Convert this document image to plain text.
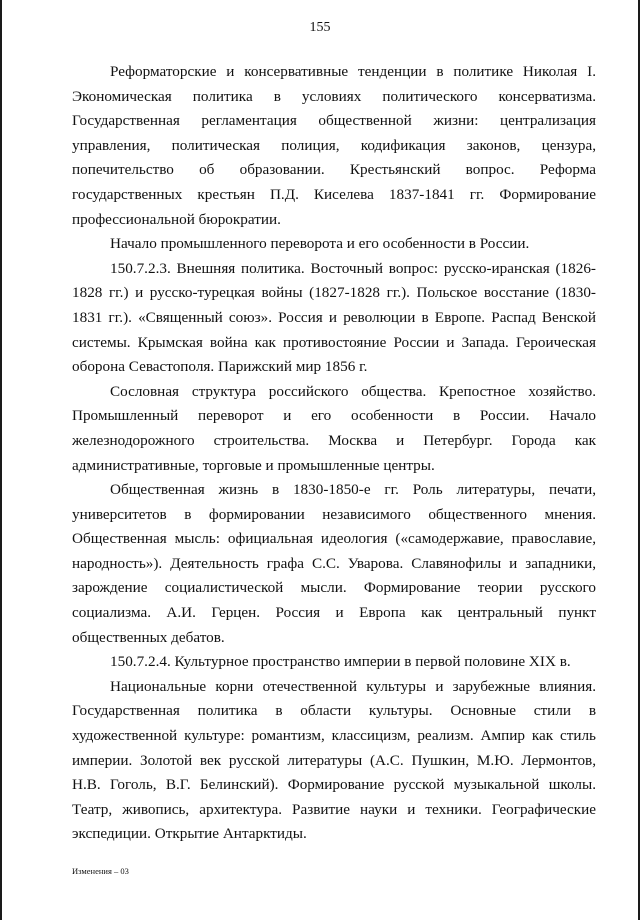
155

Реформаторские и консервативные тенденции в политике Николая I. Экономическая политика в условиях политического консерватизма. Государственная регламентация общественной жизни: централизация управления, политическая полиция, кодификация законов, цензура, попечительство об образовании. Крестьянский вопрос. Реформа государственных крестьян П.Д. Киселева 1837-1841 гг. Формирование профессиональной бюрократии.

Начало промышленного переворота и его особенности в России.

150.7.2.3. Внешняя политика. Восточный вопрос: русско-иранская (1826-1828 гг.) и русско-турецкая войны (1827-1828 гг.). Польское восстание (1830-1831 гг.). «Священный союз». Россия и революции в Европе. Распад Венской системы. Крымская война как противостояние России и Запада. Героическая оборона Севастополя. Парижский мир 1856 г.

Сословная структура российского общества. Крепостное хозяйство. Промышленный переворот и его особенности в России. Начало железнодорожного строительства. Москва и Петербург. Города как административные, торговые и промышленные центры.

Общественная жизнь в 1830-1850-е гг. Роль литературы, печати, университетов в формировании независимого общественного мнения. Общественная мысль: официальная идеология («самодержавие, православие, народность»). Деятельность графа С.С. Уварова. Славянофилы и западники, зарождение социалистической мысли. Формирование теории русского социализма. А.И. Герцен. Россия и Европа как центральный пункт общественных дебатов.

150.7.2.4. Культурное пространство империи в первой половине XIX в.

Национальные корни отечественной культуры и зарубежные влияния. Государственная политика в области культуры. Основные стили в художественной культуре: романтизм, классицизм, реализм. Ампир как стиль империи. Золотой век русской литературы (А.С. Пушкин, М.Ю. Лермонтов, Н.В. Гоголь, В.Г. Белинский). Формирование русской музыкальной школы. Театр, живопись, архитектура. Развитие науки и техники. Географические экспедиции. Открытие Антарктиды.

Изменения – 03
